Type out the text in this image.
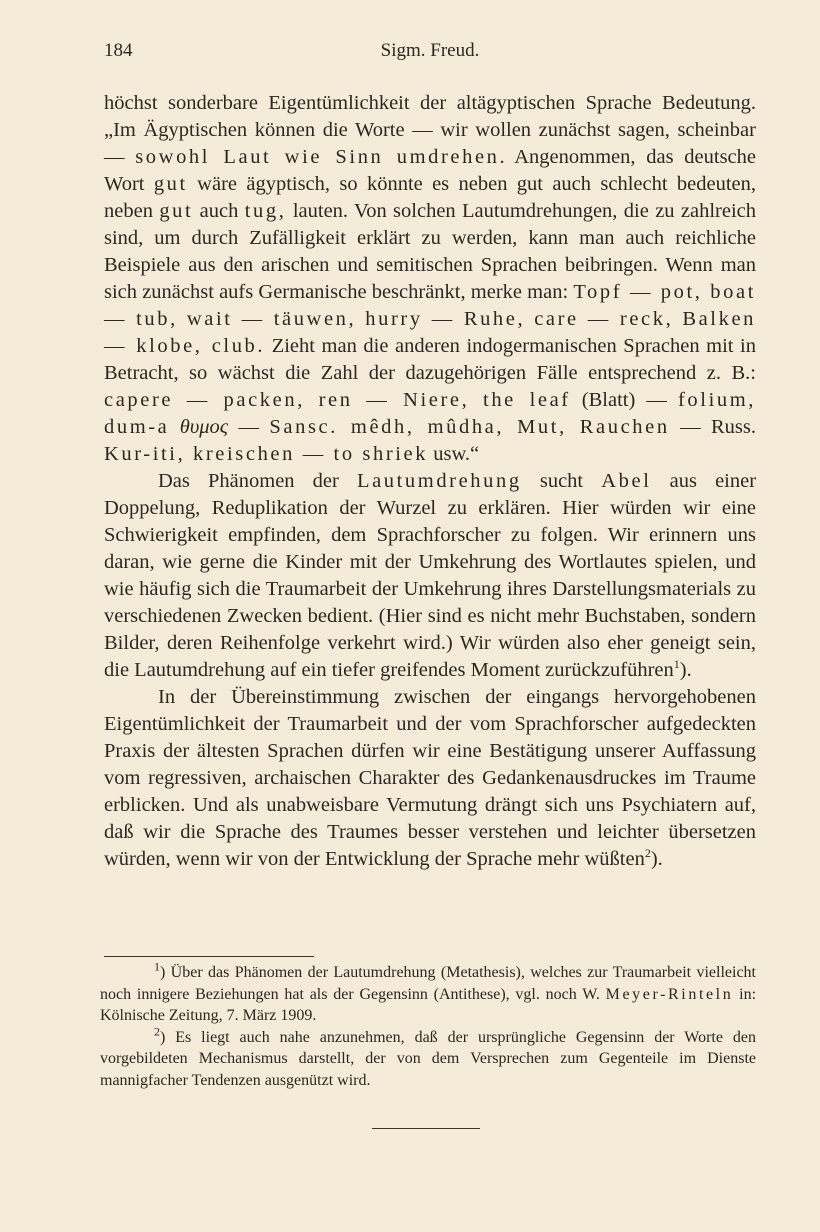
184	Sigm. Freud.

höchst sonderbare Eigentümlichkeit der altägyptischen Sprache Bedeutung. „Im Ägyptischen können die Worte — wir wollen zunächst sagen, scheinbar — sowohl Laut wie Sinn umdrehen. Angenommen, das deutsche Wort gut wäre ägyptisch, so könnte es neben gut auch schlecht bedeuten, neben gut auch tug, lauten. Von solchen Lautumdrehungen, die zu zahlreich sind, um durch Zufälligkeit erklärt zu werden, kann man auch reichliche Beispiele aus den arischen und semitischen Sprachen beibringen. Wenn man sich zunächst aufs Germanische beschränkt, merke man: Topf — pot, boat — tub, wait — täuwen, hurry — Ruhe, care — reck, Balken — klobe, club. Zieht man die anderen indogermanischen Sprachen mit in Betracht, so wächst die Zahl der dazugehörigen Fälle entsprechend z. B.: capere — packen, ren — Niere, the leaf (Blatt) — folium, dum-a θυμος — Sansc. mêdh, mûdha, Mut, Rauchen — Russ. Kur-iti, kreischen — to shriek usw.“

Das Phänomen der Lautumdrehung sucht Abel aus einer Doppelung, Reduplikation der Wurzel zu erklären. Hier würden wir eine Schwierigkeit empfinden, dem Sprachforscher zu folgen. Wir erinnern uns daran, wie gerne die Kinder mit der Umkehrung des Wortlautes spielen, und wie häufig sich die Traumarbeit der Umkehrung ihres Darstellungsmaterials zu verschiedenen Zwecken bedient. (Hier sind es nicht mehr Buchstaben, sondern Bilder, deren Reihenfolge verkehrt wird.) Wir würden also eher geneigt sein, die Lautumdrehung auf ein tiefer greifendes Moment zurückzuführen$^1$).

In der Übereinstimmung zwischen der eingangs hervorgehobenen Eigentümlichkeit der Traumarbeit und der vom Sprachforscher aufgedeckten Praxis der ältesten Sprachen dürfen wir eine Bestätigung unserer Auffassung vom regressiven, archaischen Charakter des Gedankenausdruckes im Traume erblicken. Und als unabweisbare Vermutung drängt sich uns Psychiatern auf, daß wir die Sprache des Traumes besser verstehen und leichter übersetzen würden, wenn wir von der Entwicklung der Sprache mehr wüßten$^2$).

$^1$) Über das Phänomen der Lautumdrehung (Metathesis), welches zur Traumarbeit vielleicht noch innigere Beziehungen hat als der Gegensinn (Antithese), vgl. noch W. Meyer-Rinteln in: Kölnische Zeitung, 7. März 1909.

$^2$) Es liegt auch nahe anzunehmen, daß der ursprüngliche Gegensinn der Worte den vorgebildeten Mechanismus darstellt, der von dem Versprechen zum Gegenteile im Dienste mannigfacher Tendenzen ausgenützt wird.
